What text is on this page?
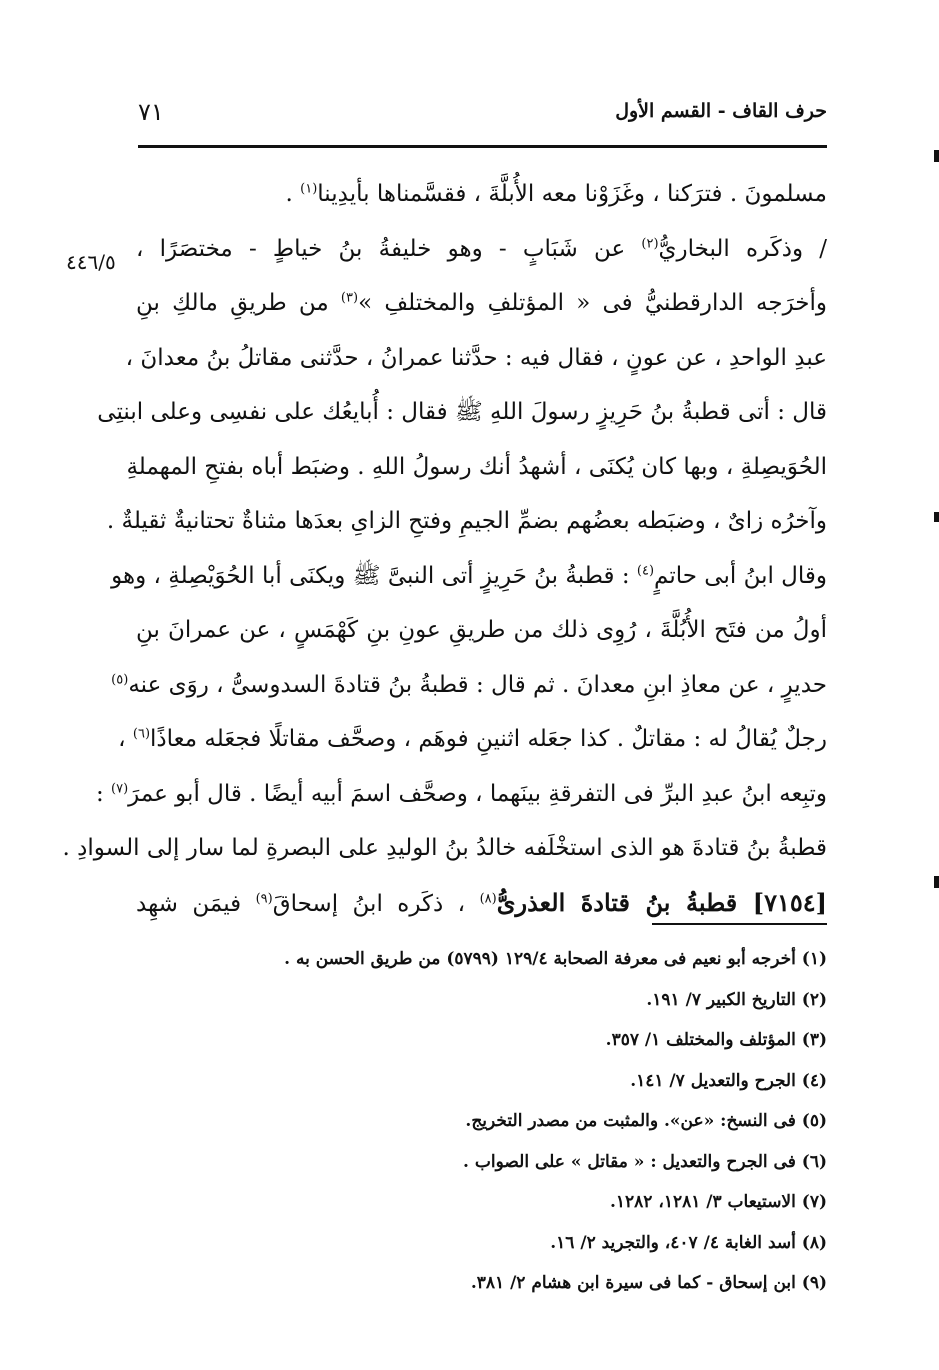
حرف القاف - القسم الأول
٧١
٤٤٦/٥
مسلمونَ . فترَكنا ، وغَزَوْنا معه الأُبلَّةَ ، فقسَّمناها بأيدِينا$^{(١)}$ .
/ وذكَره البخاريُّ$^{(٢)}$ عن شَبَابٍ - وهو خليفةُ بنُ خياطٍ - مختصَرًا ،
وأخرَجه الدارقطنيُّ فى « المؤتلفِ والمختلفِ »$^{(٣)}$ من طريقِ مالكِ بنِ
عبدِ الواحدِ ، عن عونٍ ، فقال فيه : حدَّثنا عمرانُ ، حدَّثنى مقاتلُ بنُ معدانَ ،
قال : أتى قطبةُ بنُ حَرِيزٍ رسولَ اللهِ ﷺ فقال : أُبايعُك على نفسِى وعلى ابنتِى
الحُوَيصِلةِ ، وبها كان يُكنَى ، أشهدُ أنك رسولُ اللهِ . وضبَط أباه بفتحِ المهملةِ
وآخرُه زاىٌ ، وضبَطه بعضُهم بضمِّ الجيمِ وفتحِ الزاىِ بعدَها مثناةٌ تحتانيةٌ ثقيلةٌ .
وقال ابنُ أبى حاتمٍ$^{(٤)}$ : قطبةُ بنُ حَرِيزٍ أتى النبىَّ ﷺ ويكنَى أبا الحُوَيْصِلةِ ، وهو
أولُ من فتَح الأُبُلَّةَ ، رُوِى ذلك من طريقِ عونِ بنِ كَهْمَسٍ ، عن عمرانَ بنِ
حديرٍ ، عن معاذِ ابنِ معدانَ . ثم قال : قطبةُ بنُ قتادةَ السدوسىُّ ، روَى عنه$^{(٥)}$
رجلٌ يُقالُ له : مقاتلٌ . كذا جعَله اثنينِ فوهَم ، وصحَّف مقاتلًا فجعَله معاذًا$^{(٦)}$ ،
وتبِعه ابنُ عبدِ البرِّ فى التفرقةِ بينَهما ، وصحَّف اسمَ أبيه أيضًا . قال أبو عمرَ$^{(٧)}$ :
قطبةُ بنُ قتادةَ هو الذى استخْلَفه خالدُ بنُ الوليدِ على البصرةِ لما سار إلى السوادِ .
[٧١٥٤] قطبةُ بنُ قتادةَ العذرىُّ$^{(٨)}$ ، ذكَره ابنُ إسحاقَ$^{(٩)}$ فيمَن شهِد
(١) أخرجه أبو نعيم فى معرفة الصحابة ١٢٩/٤ (٥٧٩٩) من طريق الحسن به .
(٢) التاريخ الكبير ٧/ ١٩١.
(٣) المؤتلف والمختلف ١/ ٣٥٧.
(٤) الجرح والتعديل ٧/ ١٤١.
(٥) فى النسخ: «عن». والمثبت من مصدر التخريج.
(٦) فى الجرح والتعديل : « مقاتل » على الصواب .
(٧) الاستيعاب ٣/ ١٢٨١، ١٢٨٢.
(٨) أسد الغابة ٤/ ٤٠٧، والتجريد ٢/ ١٦.
(٩) ابن إسحاق - كما فى سيرة ابن هشام ٢/ ٣٨١.
